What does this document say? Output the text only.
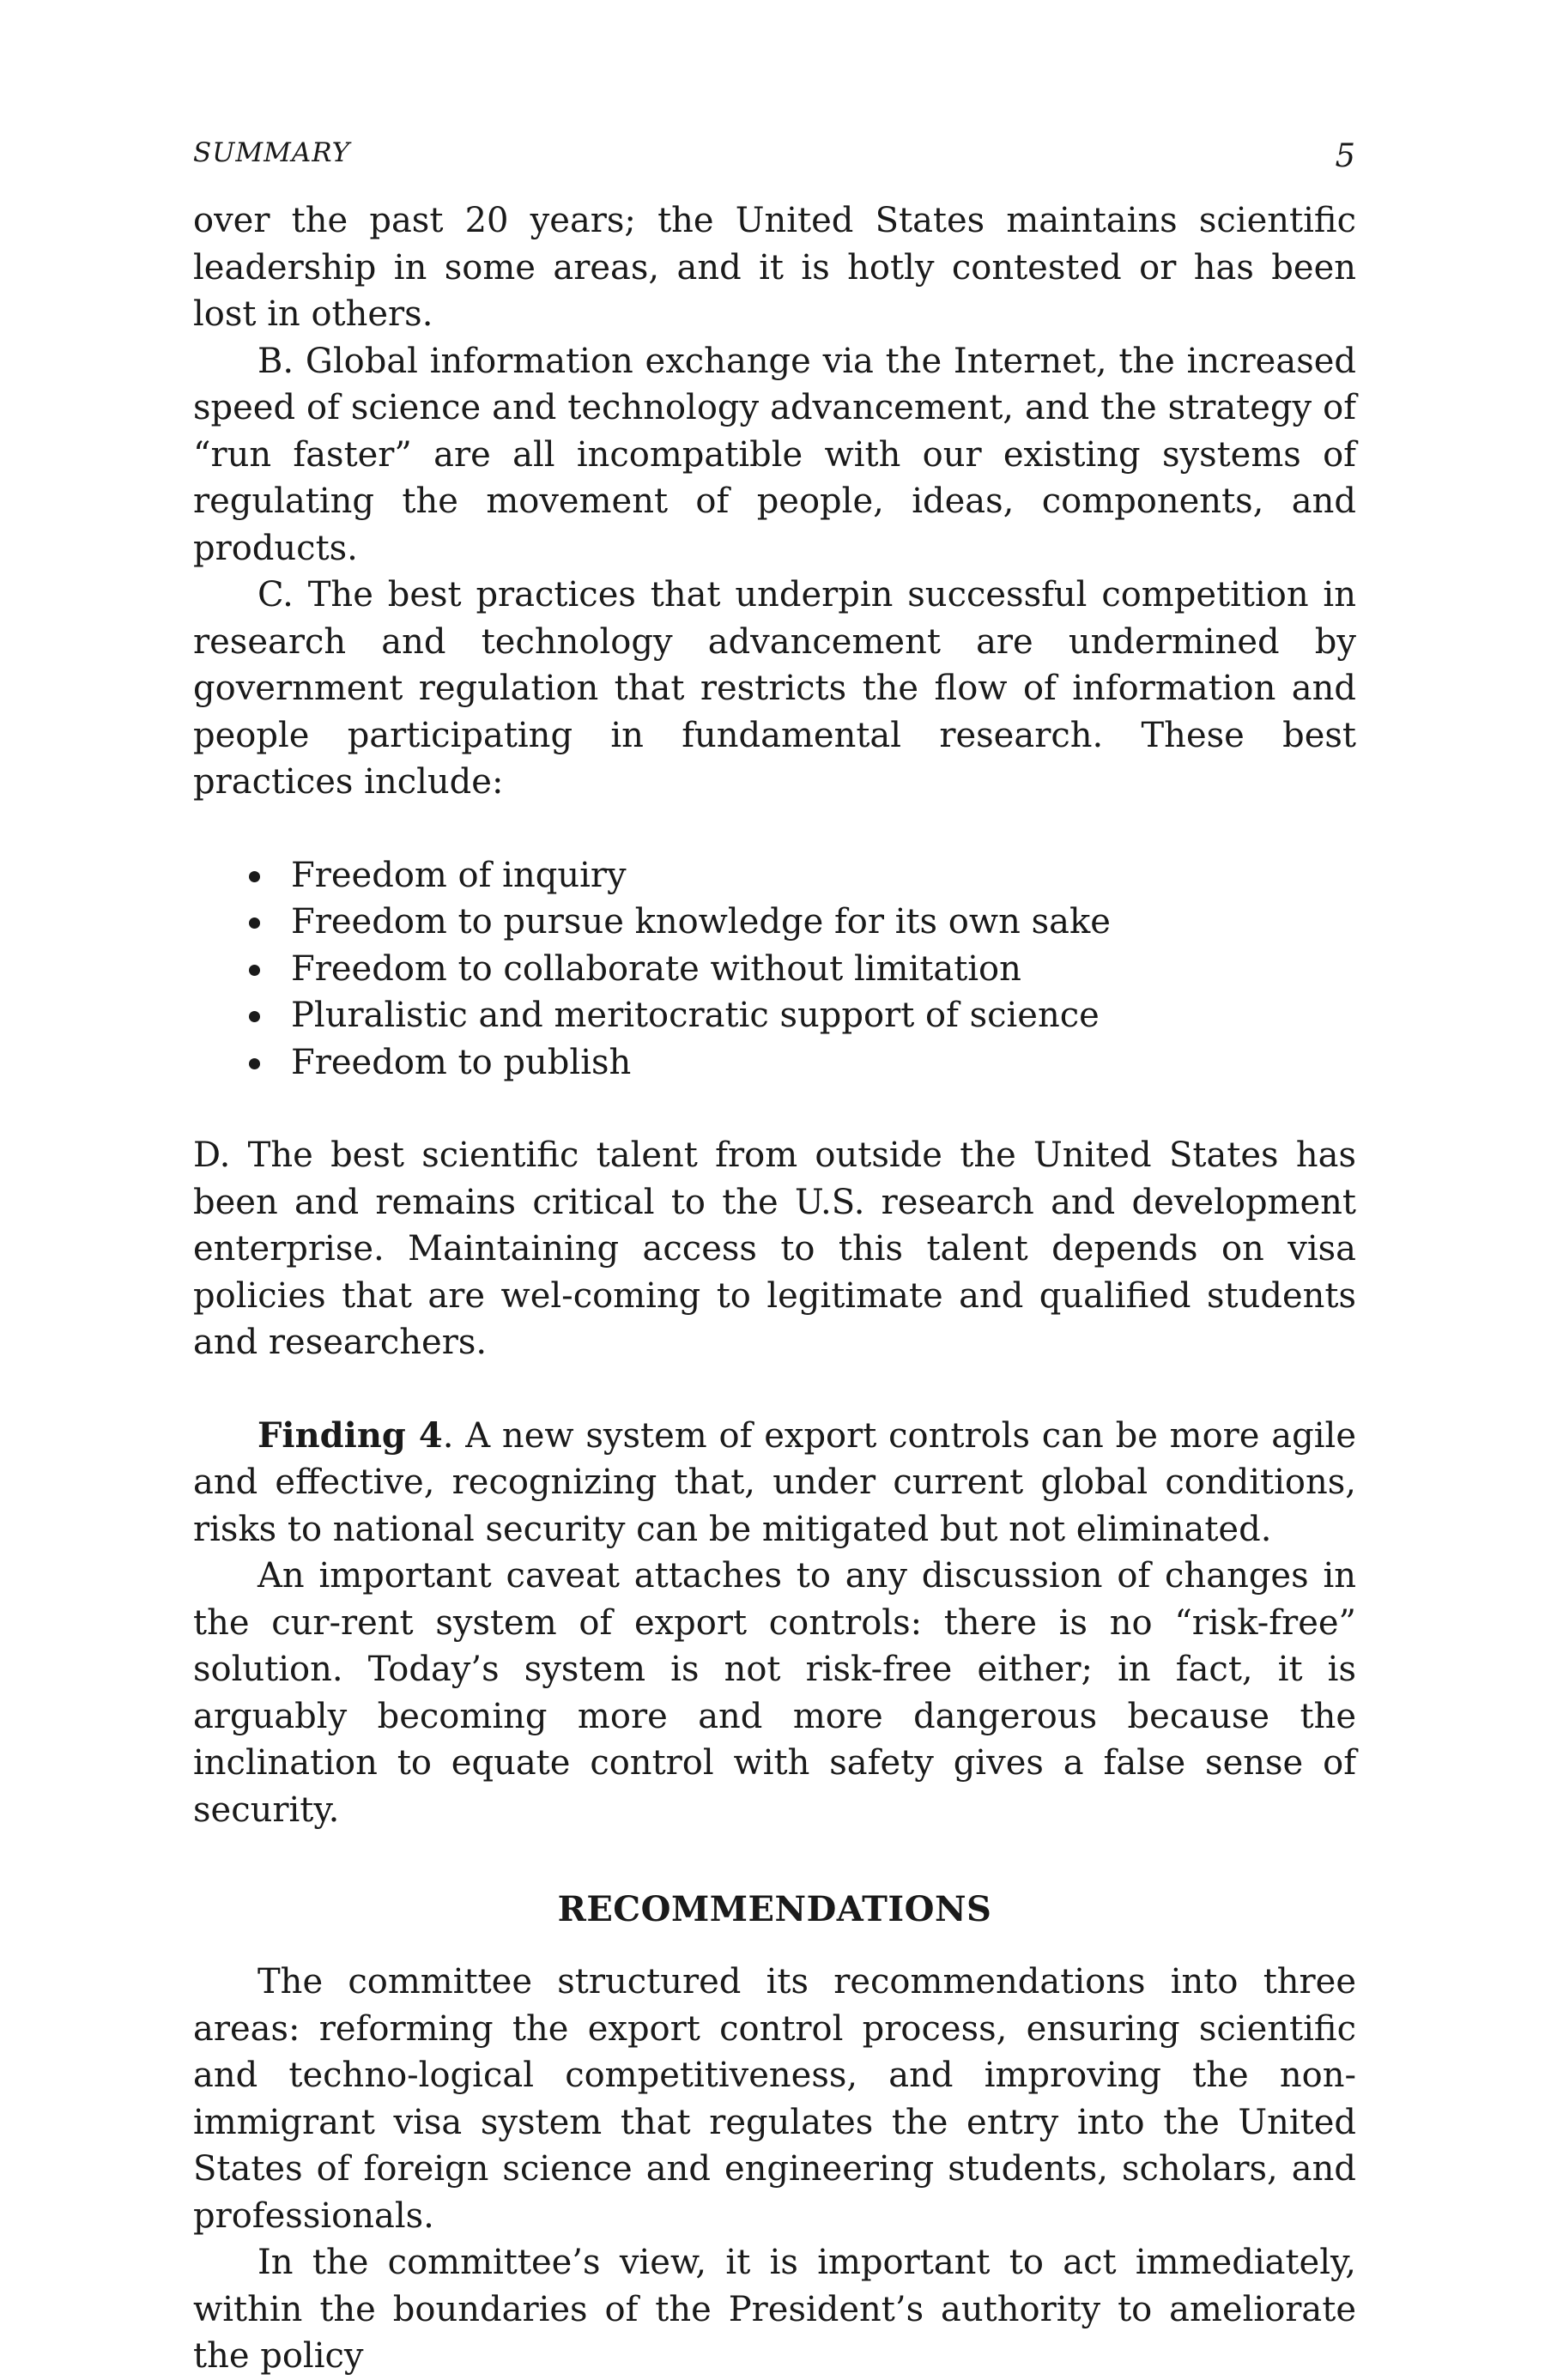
SUMMARY	5

over the past 20 years; the United States maintains scientific leadership in some areas, and it is hotly contested or has been lost in others.

B. Global information exchange via the Internet, the increased speed of science and technology advancement, and the strategy of “run faster” are all incompatible with our existing systems of regulating the movement of people, ideas, components, and products.

C. The best practices that underpin successful competition in research and technology advancement are undermined by government regulation that restricts the flow of information and people participating in fundamental research. These best practices include:

Freedom of inquiry
Freedom to pursue knowledge for its own sake
Freedom to collaborate without limitation
Pluralistic and meritocratic support of science
Freedom to publish

D. The best scientific talent from outside the United States has been and remains critical to the U.S. research and development enterprise. Maintaining access to this talent depends on visa policies that are wel-coming to legitimate and qualified students and researchers.

Finding 4. A new system of export controls can be more agile and effective, recognizing that, under current global conditions, risks to national security can be mitigated but not eliminated.

An important caveat attaches to any discussion of changes in the cur-rent system of export controls: there is no “risk-free” solution. Today’s system is not risk-free either; in fact, it is arguably becoming more and more dangerous because the inclination to equate control with safety gives a false sense of security.

RECOMMENDATIONS

The committee structured its recommendations into three areas: reforming the export control process, ensuring scientific and techno-logical competitiveness, and improving the non-immigrant visa system that regulates the entry into the United States of foreign science and engineering students, scholars, and professionals.

In the committee’s view, it is important to act immediately, within the boundaries of the President’s authority to ameliorate the policy
